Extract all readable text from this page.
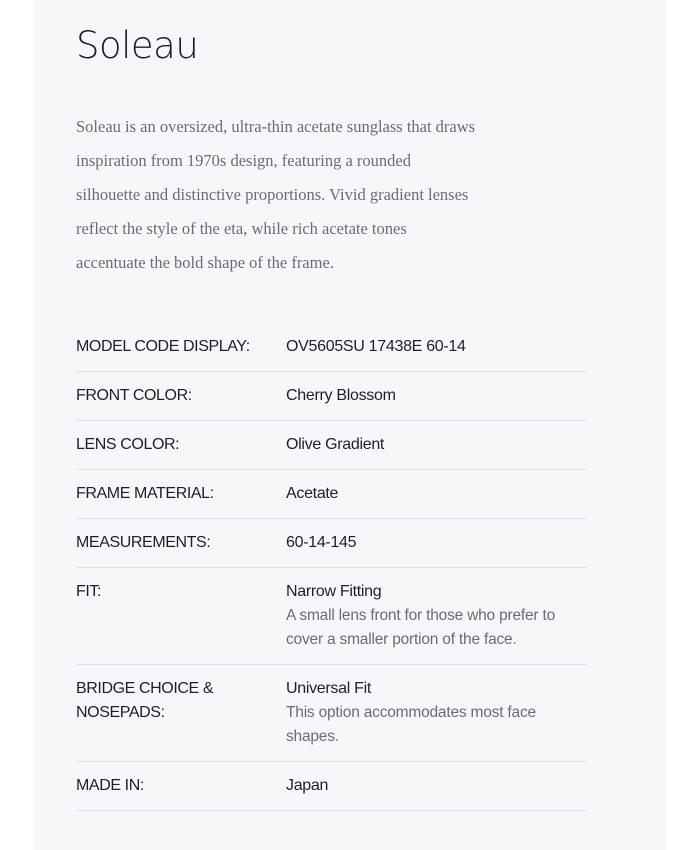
Soleau

Soleau is an oversized, ultra-thin acetate sunglass that draws inspiration from 1970s design, featuring a rounded silhouette and distinctive proportions. Vivid gradient lenses reflect the style of the eta, while rich acetate tones accentuate the bold shape of the frame.

MODEL CODE DISPLAY:	OV5605SU 17438E 60-14
FRONT COLOR:	Cherry Blossom
LENS COLOR:	Olive Gradient
FRAME MATERIAL:	Acetate
MEASUREMENTS:	60-14-145
FIT:	Narrow Fitting
A small lens front for those who prefer to cover a smaller portion of the face.
BRIDGE CHOICE & NOSEPADS:
Universal Fit
This option accommodates most face shapes.
MADE IN:	Japan
